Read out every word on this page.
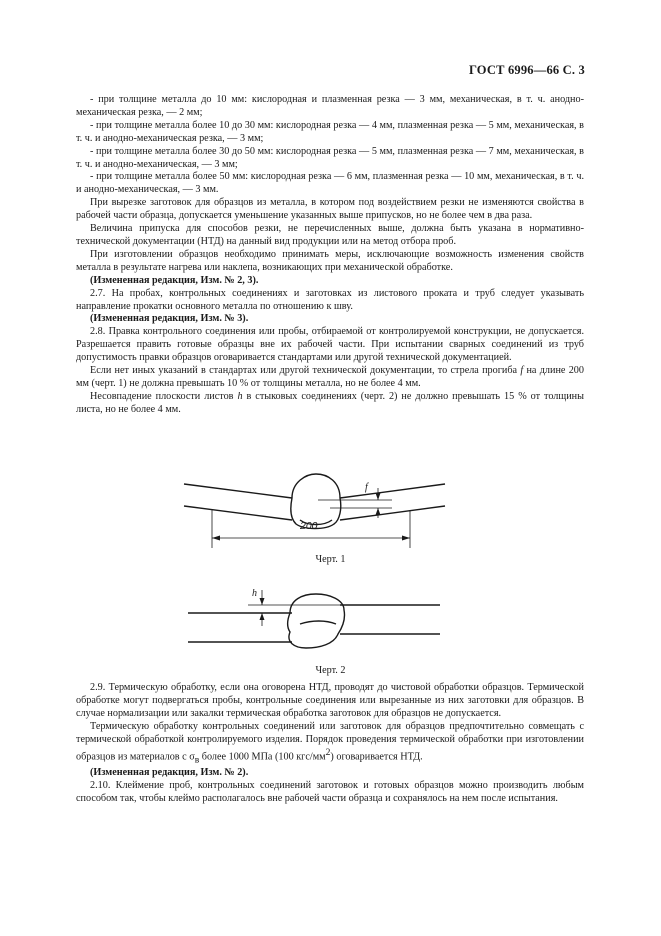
ГОСТ 6996—66 С. 3

- при толщине металла до 10 мм: кислородная и плазменная резка — 3 мм, механическая, в т. ч. анодно-механическая резка, — 2 мм;

- при толщине металла более 10 до 30 мм: кислородная резка — 4 мм, плазменная резка — 5 мм, механическая, в т. ч. и анодно-механическая резка, — 3 мм;

- при толщине металла более 30 до 50 мм: кислородная резка — 5 мм, плазменная резка — 7 мм, механическая, в т. ч. и анодно-механическая, — 3 мм;

- при толщине металла более 50 мм: кислородная резка — 6 мм, плазменная резка — 10 мм, механическая, в т. ч. и анодно-механическая, — 3 мм.

При вырезке заготовок для образцов из металла, в котором под воздействием резки не изменяются свойства в рабочей части образца, допускается уменьшение указанных выше припусков, но не более чем в два раза.

Величина припуска для способов резки, не перечисленных выше, должна быть указана в нормативно-технической документации (НТД) на данный вид продукции или на метод отбора проб.

При изготовлении образцов необходимо принимать меры, исключающие возможность изменения свойств металла в результате нагрева или наклепа, возникающих при механической обработке.

(Измененная редакция, Изм. № 2, 3).

2.7. На пробах, контрольных соединениях и заготовках из листового проката и труб следует указывать направление прокатки основного металла по отношению к шву.

(Измененная редакция, Изм. № 3).

2.8. Правка контрольного соединения или пробы, отбираемой от контролируемой конструкции, не допускается. Разрешается править готовые образцы вне их рабочей части. При испытании сварных соединений из труб допустимость правки образцов оговаривается стандартами или другой технической документацией.

Если нет иных указаний в стандартах или другой технической документации, то стрела прогиба f на длине 200 мм (черт. 1) не должна превышать 10 % от толщины металла, но не более 4 мм.

Несовпадение плоскости листов h в стыковых соединениях (черт. 2) не должно превышать 15 % от толщины листа, но не более 4 мм.

200
f
Черт. 1
h
Черт. 2

2.9. Термическую обработку, если она оговорена НТД, проводят до чистовой обработки образцов. Термической обработке могут подвергаться пробы, контрольные соединения или вырезанные из них заготовки для образцов. В случае нормализации или закалки термическая обработка заготовок для образцов не допускается.

Термическую обработку контрольных соединений или заготовок для образцов предпочтительно совмещать с термической обработкой контролируемого изделия. Порядок проведения термической обработки при изготовлении образцов из материалов с $\sigma_в$ более 1000 МПа (100 кгс/$мм^2$) оговаривается НТД.

(Измененная редакция, Изм. № 2).

2.10. Клеймение проб, контрольных соединений заготовок и готовых образцов можно производить любым способом так, чтобы клеймо располагалось вне рабочей части образца и сохранялось на нем после испытания.
